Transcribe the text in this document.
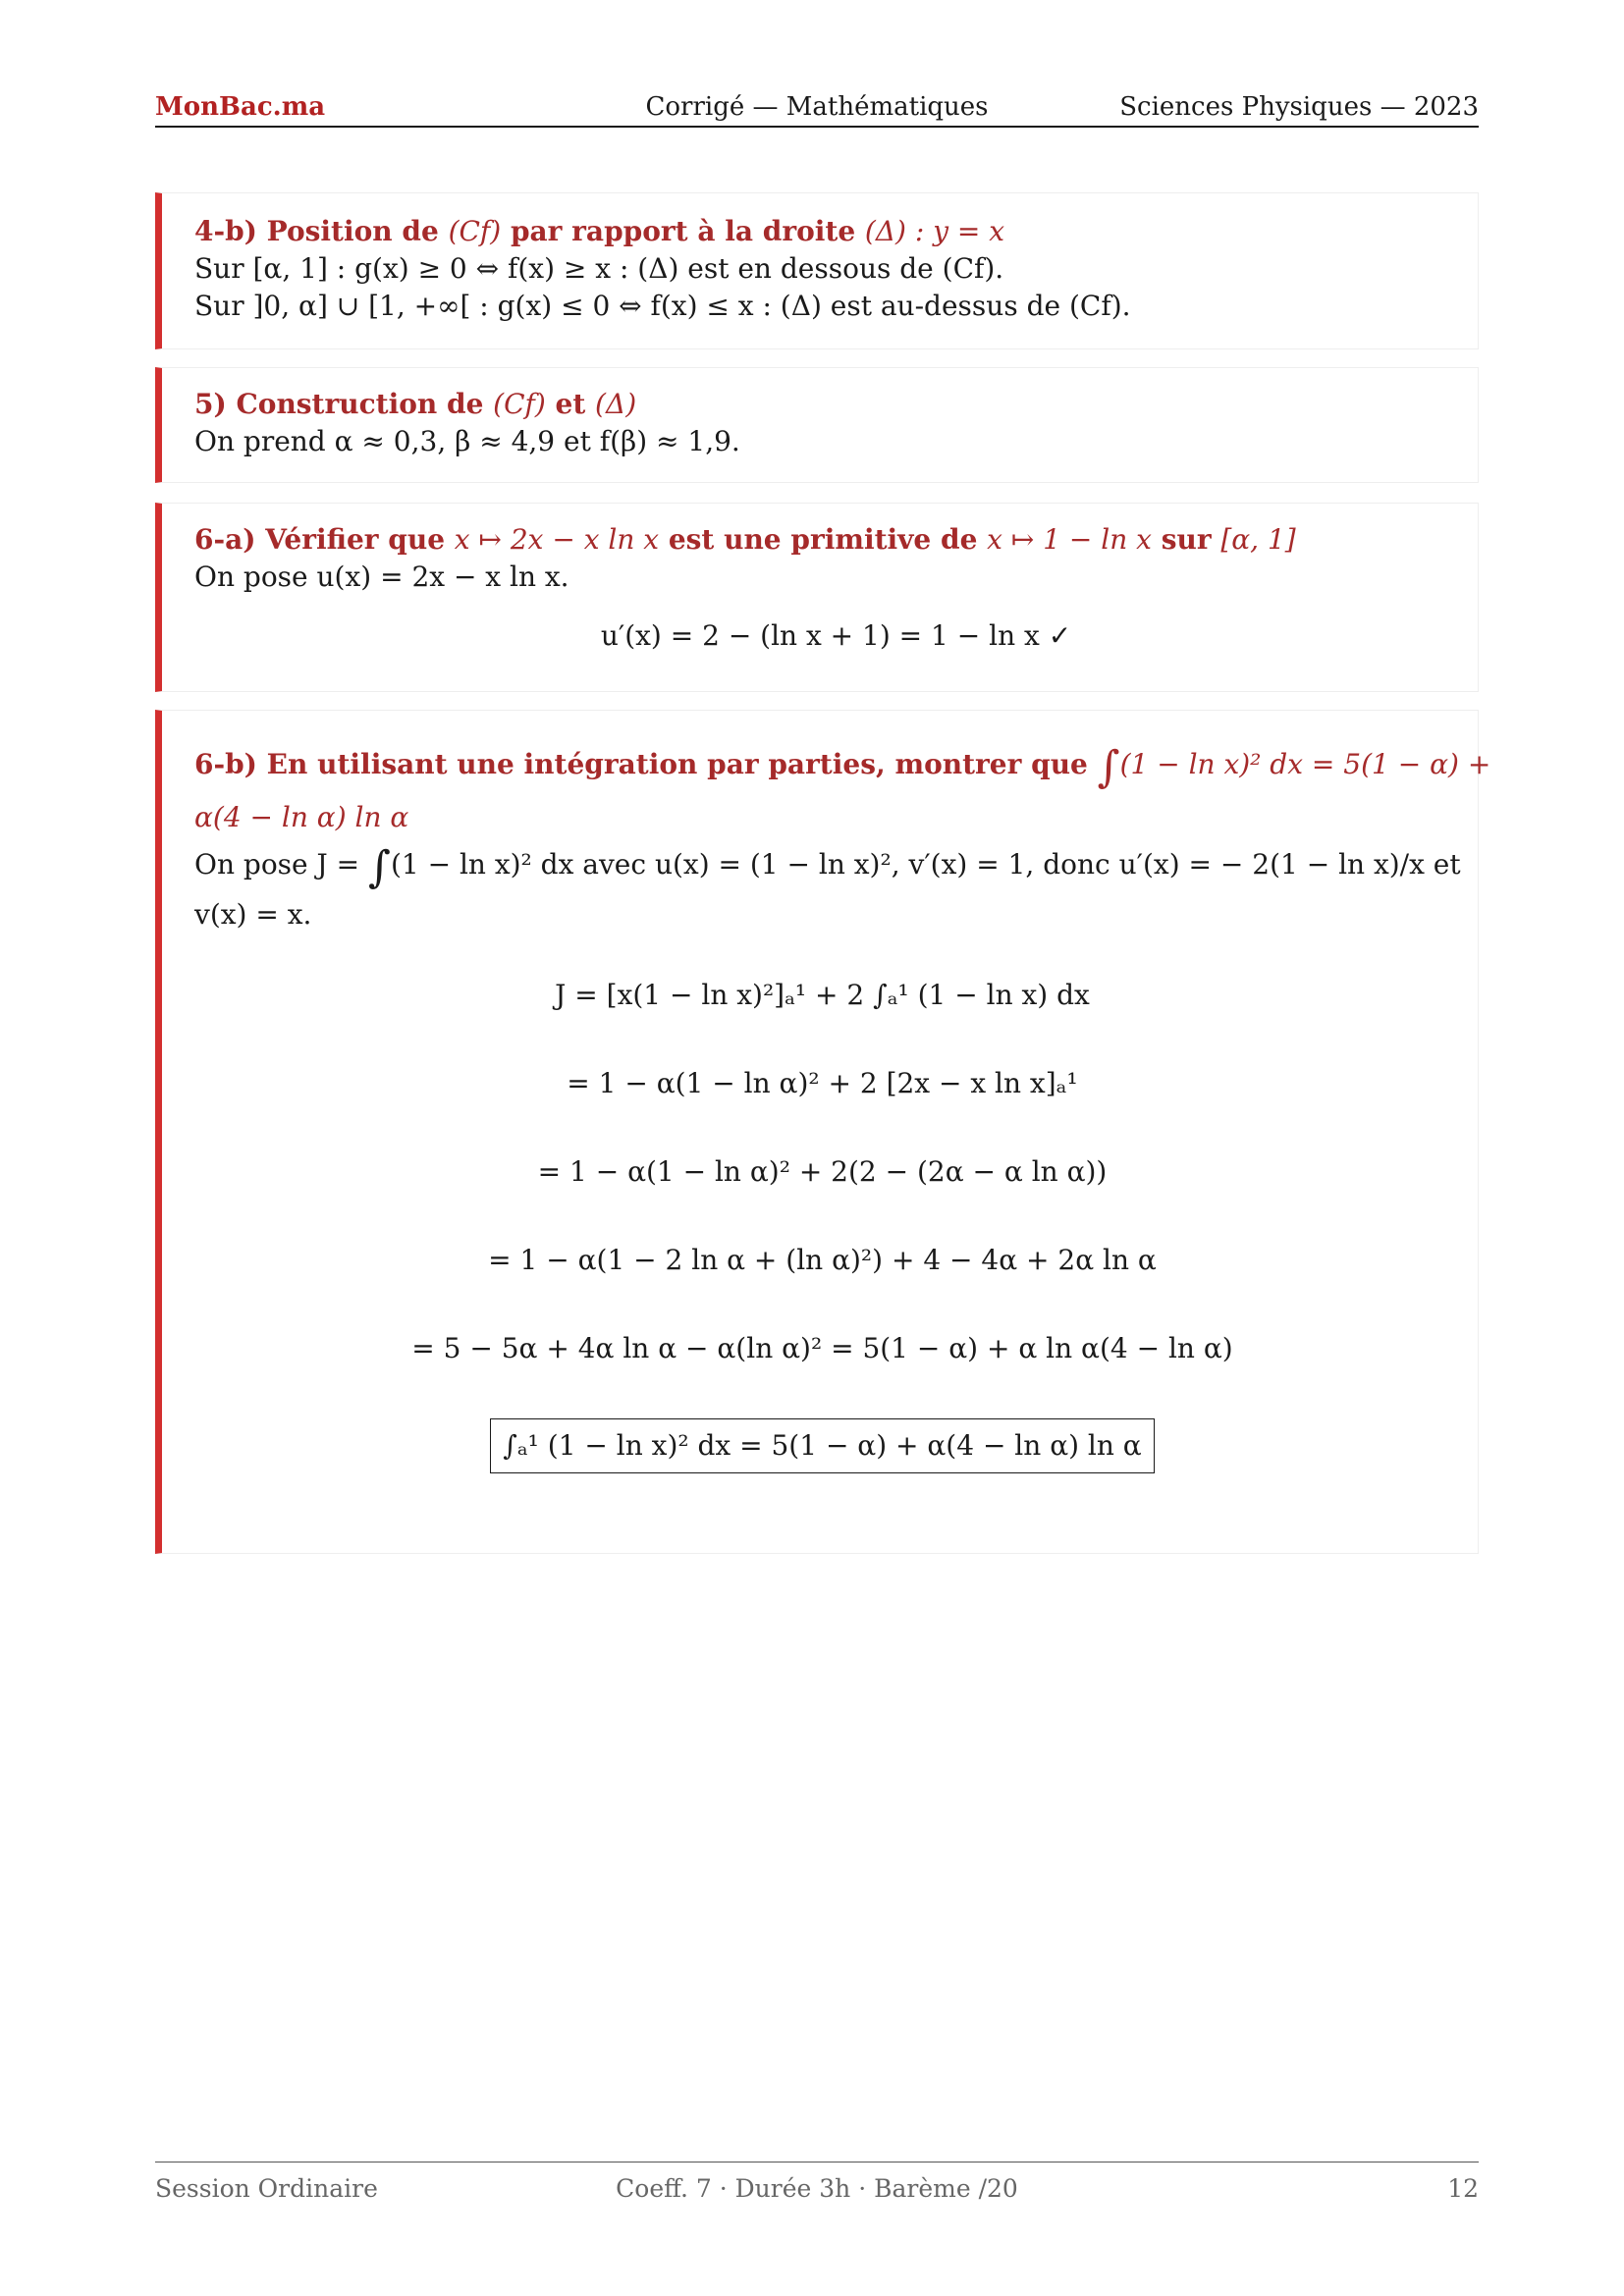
MonBac.ma	Corrigé — Mathématiques	Sciences Physiques — 2023
4-b) Position de (Cf) par rapport à la droite (Δ) : y = x
Sur [α, 1] : g(x) ≥ 0 ⇔ f(x) ≥ x : (Δ) est en dessous de (Cf).
Sur ]0, α] ∪ [1, +∞[ : g(x) ≤ 0 ⇔ f(x) ≤ x : (Δ) est au-dessus de (Cf).
5) Construction de (Cf) et (Δ)
On prend α ≈ 0,3, β ≈ 4,9 et f(β) ≈ 1,9.
6-a) Vérifier que x ↦ 2x − x ln x est une primitive de x ↦ 1 − ln x sur [α, 1]
On pose u(x) = 2x − x ln x.
u′(x) = 2 − (ln x + 1) = 1 − ln x ✓
6-b) En utilisant une intégration par parties, montrer que ∫(1 − ln x)² dx = 5(1 − α) +
α(4 − ln α) ln α
On pose J = ∫(1 − ln x)² dx avec u(x) = (1 − ln x)², v′(x) = 1, donc u′(x) = − 2(1 − ln x)/x et
v(x) = x.
J = [x(1 − ln x)²]ₐ¹ + 2 ∫ₐ¹ (1 − ln x) dx
= 1 − α(1 − ln α)² + 2 [2x − x ln x]ₐ¹
= 1 − α(1 − ln α)² + 2(2 − (2α − α ln α))
= 1 − α(1 − 2 ln α + (ln α)²) + 4 − 4α + 2α ln α
= 5 − 5α + 4α ln α − α(ln α)² = 5(1 − α) + α ln α(4 − ln α)
∫ₐ¹ (1 − ln x)² dx = 5(1 − α) + α(4 − ln α) ln α
Session Ordinaire	Coeff. 7 · Durée 3h · Barème /20	12
